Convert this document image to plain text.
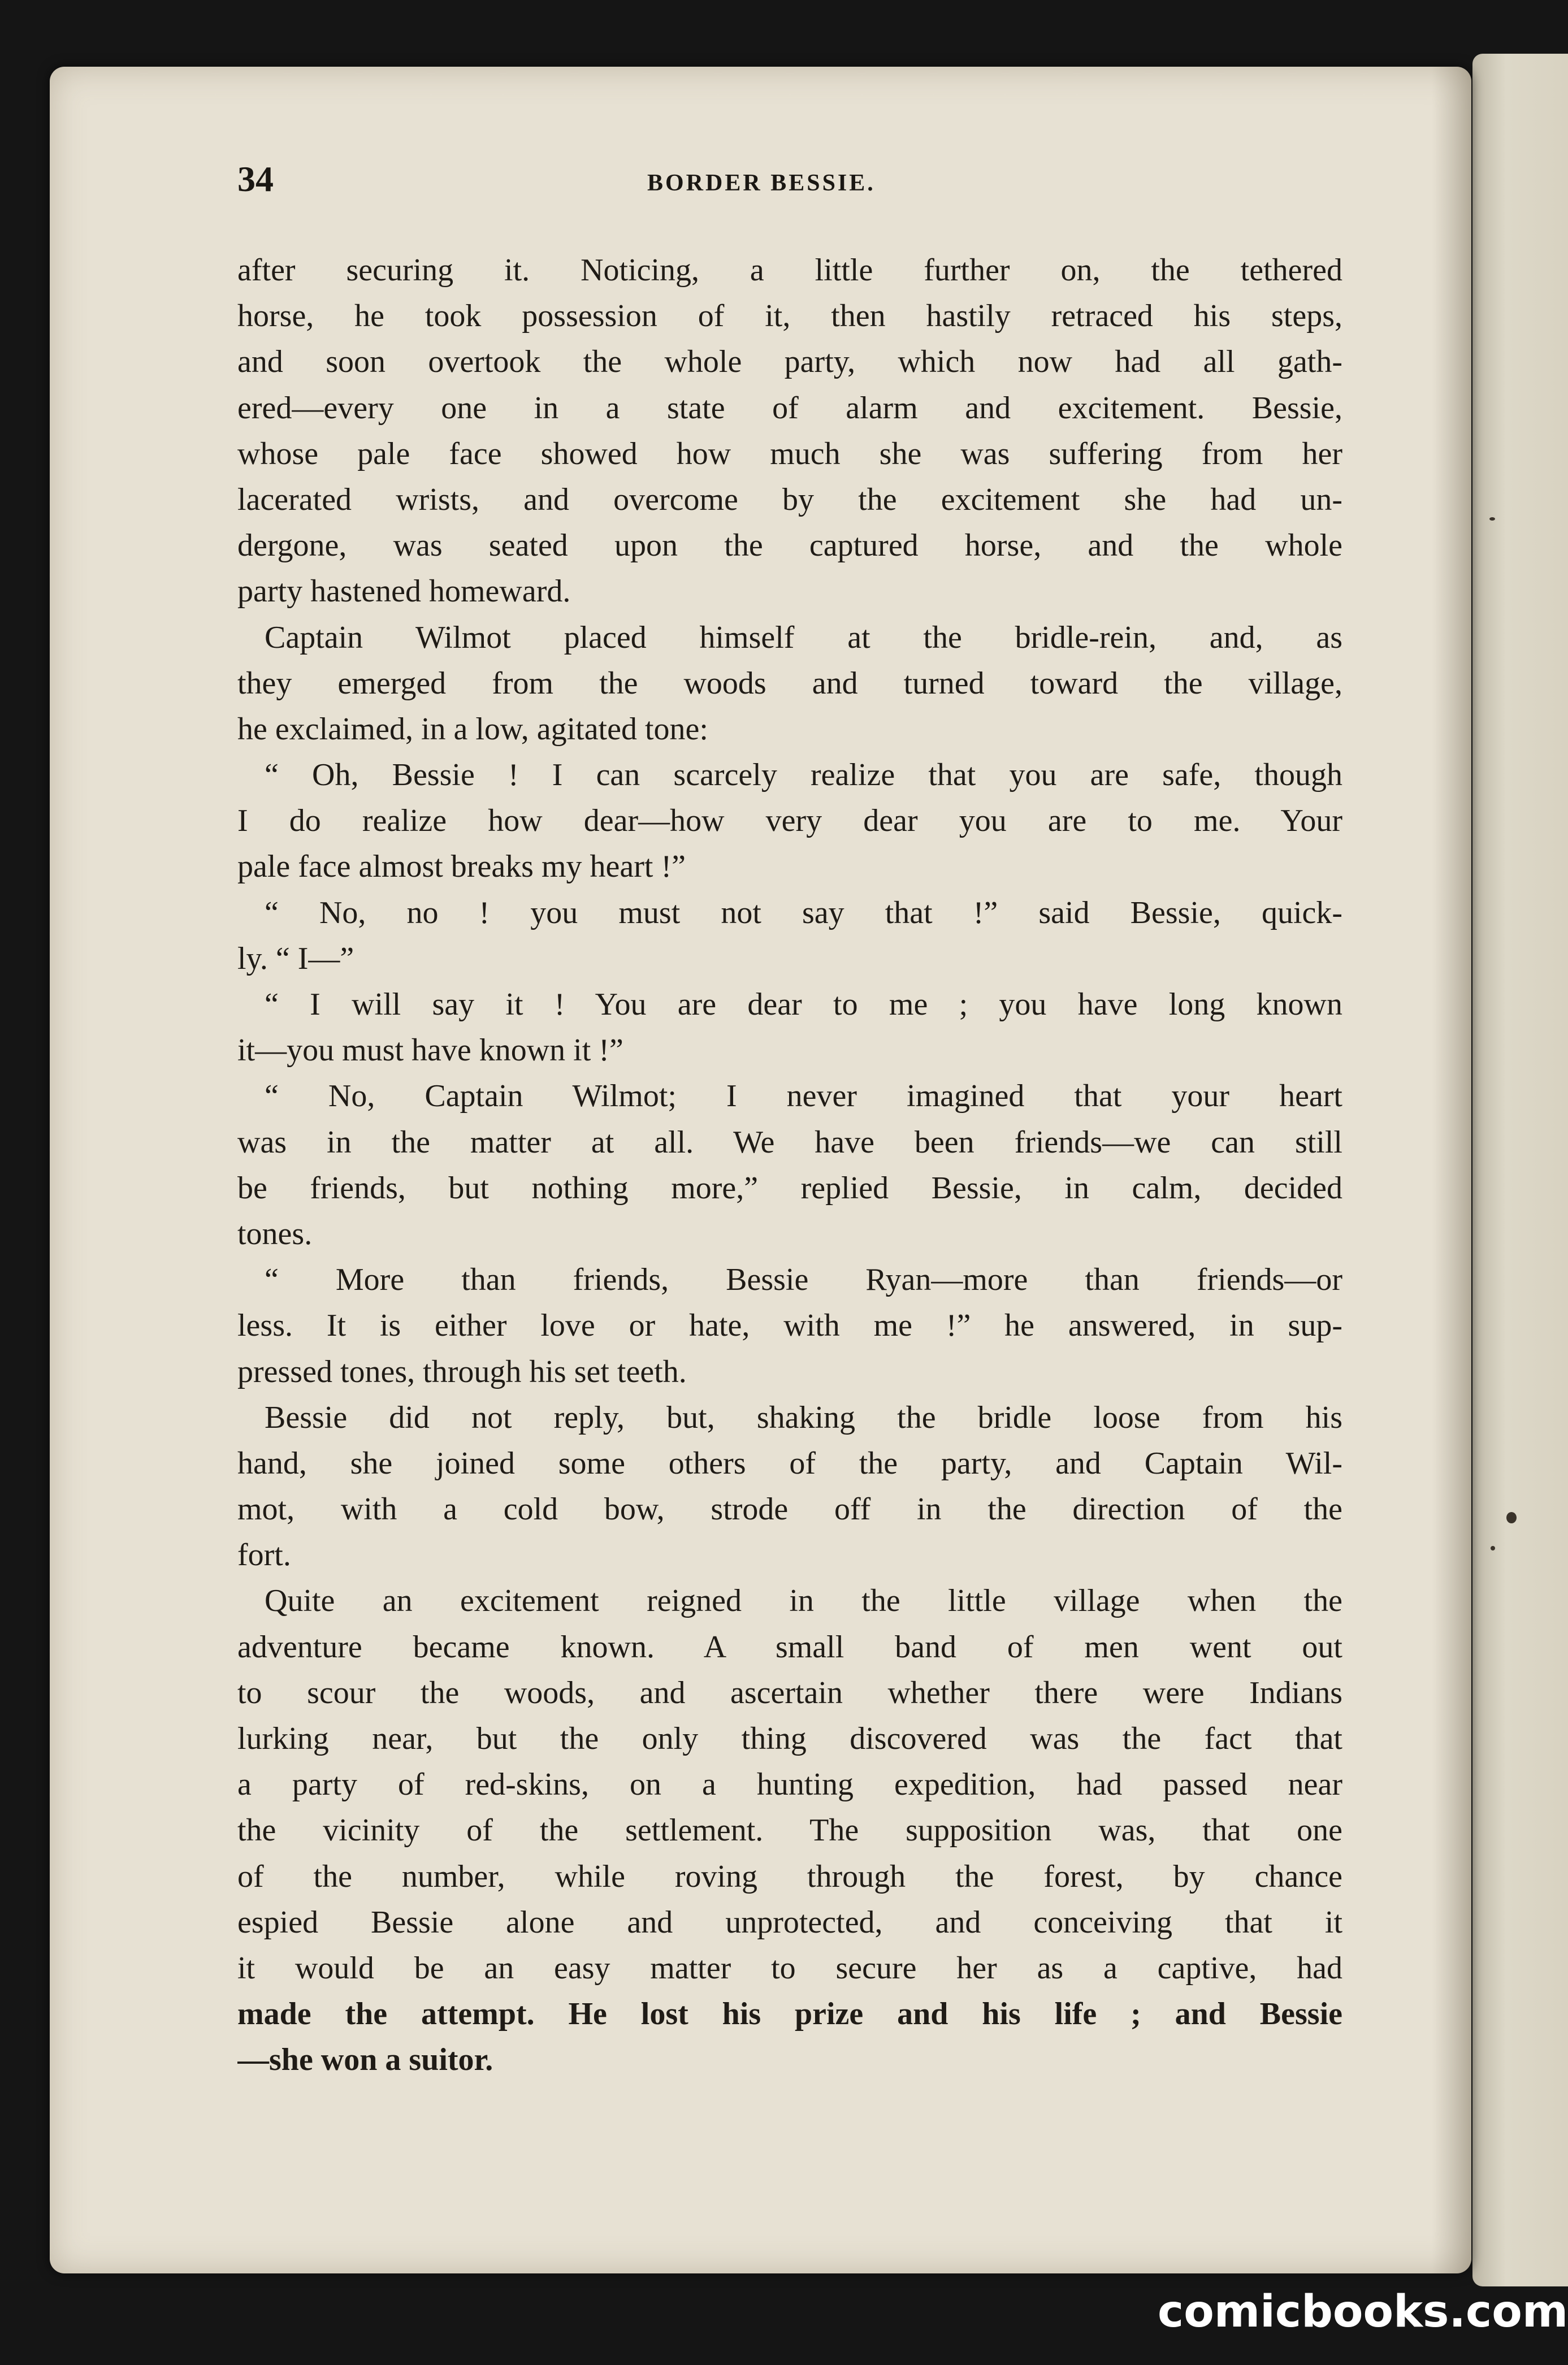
34	BORDER BESSIE.
after securing it. Noticing, a little further on, the tethered
horse, he took possession of it, then hastily retraced his steps,
and soon overtook the whole party, which now had all gath-
ered—every one in a state of alarm and excitement. Bessie,
whose pale face showed how much she was suffering from her
lacerated wrists, and overcome by the excitement she had un-
dergone, was seated upon the captured horse, and the whole
party hastened homeward.
Captain Wilmot placed himself at the bridle-rein, and, as
they emerged from the woods and turned toward the village,
he exclaimed, in a low, agitated tone:
“ Oh, Bessie ! I can scarcely realize that you are safe, though
I do realize how dear—how very dear you are to me. Your
pale face almost breaks my heart !”
“ No, no ! you must not say that !” said Bessie, quick-
ly. “ I—”
“ I will say it ! You are dear to me ; you have long known
it—you must have known it !”
“ No, Captain Wilmot; I never imagined that your heart
was in the matter at all. We have been friends—we can still
be friends, but nothing more,” replied Bessie, in calm, decided
tones.
“ More than friends, Bessie Ryan—more than friends—or
less. It is either love or hate, with me !” he answered, in sup-
pressed tones, through his set teeth.
Bessie did not reply, but, shaking the bridle loose from his
hand, she joined some others of the party, and Captain Wil-
mot, with a cold bow, strode off in the direction of the
fort.
Quite an excitement reigned in the little village when the
adventure became known. A small band of men went out
to scour the woods, and ascertain whether there were Indians
lurking near, but the only thing discovered was the fact that
a party of red-skins, on a hunting expedition, had passed near
the vicinity of the settlement. The supposition was, that one
of the number, while roving through the forest, by chance
espied Bessie alone and unprotected, and conceiving that it
it would be an easy matter to secure her as a captive, had
made the attempt. He lost his prize and his life ; and Bessie
—she won a suitor.
comicbooks.com
